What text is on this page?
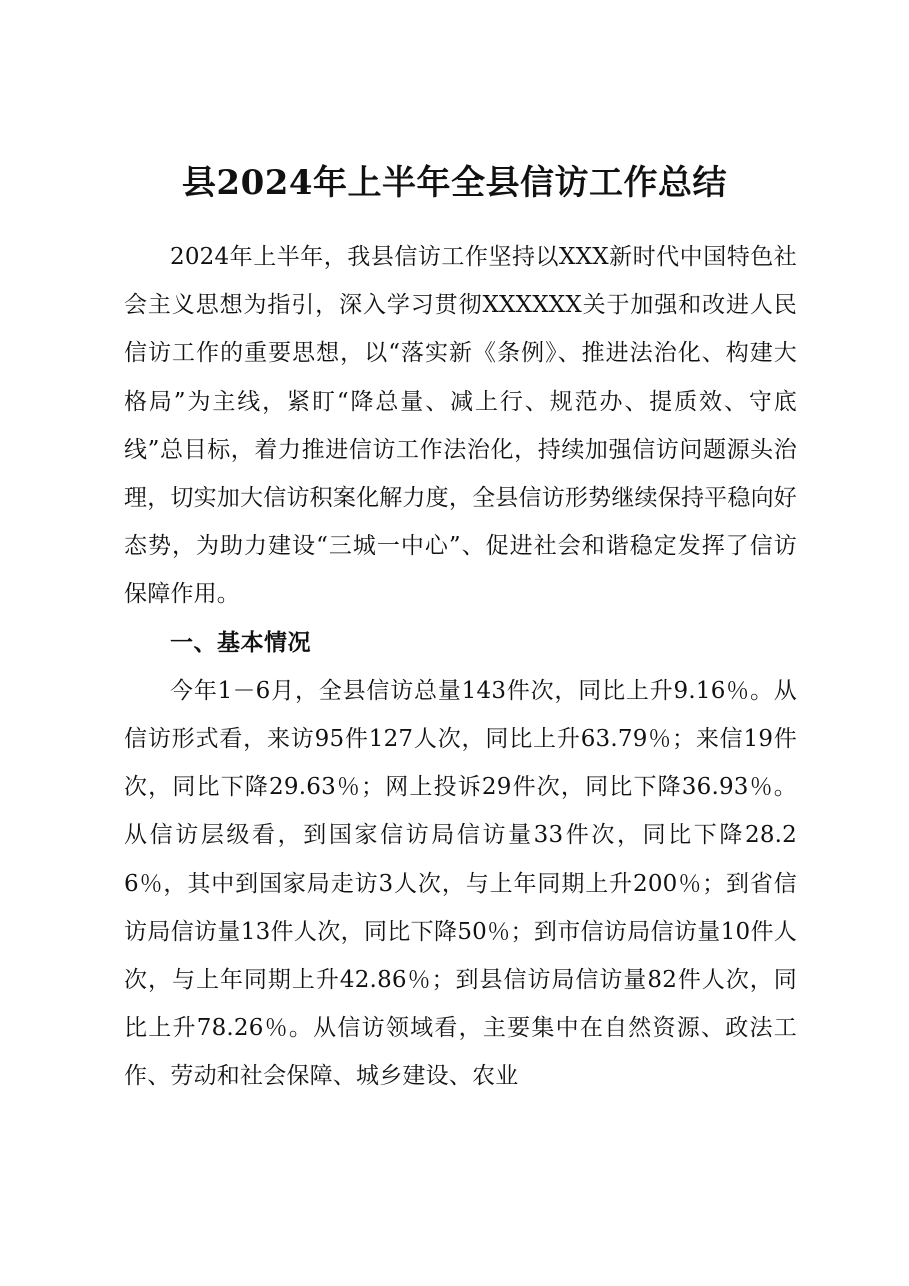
县2024年上半年全县信访工作总结

2024年上半年，我县信访工作坚持以XXX新时代中国特色社会主义思想为指引，深入学习贯彻XXXXXX关于加强和改进人民信访工作的重要思想，以“落实新《条例》、推进法治化、构建大格局”为主线，紧盯“降总量、减上行、规范办、提质效、守底线”总目标，着力推进信访工作法治化，持续加强信访问题源头治理，切实加大信访积案化解力度，全县信访形势继续保持平稳向好态势，为助力建设“三城一中心”、促进社会和谐稳定发挥了信访保障作用。

一、基本情况

今年1－6月，全县信访总量143件次，同比上升9.16％。从信访形式看，来访95件127人次，同比上升63.79％；来信19件次，同比下降29.63％；网上投诉29件次，同比下降36.93％。从信访层级看，到国家信访局信访量33件次，同比下降28.26％，其中到国家局走访3人次，与上年同期上升200％；到省信访局信访量13件人次，同比下降50％；到市信访局信访量10件人次，与上年同期上升42.86％；到县信访局信访量82件人次，同比上升78.26％。从信访领域看，主要集中在自然资源、政法工作、劳动和社会保障、城乡建设、农业
